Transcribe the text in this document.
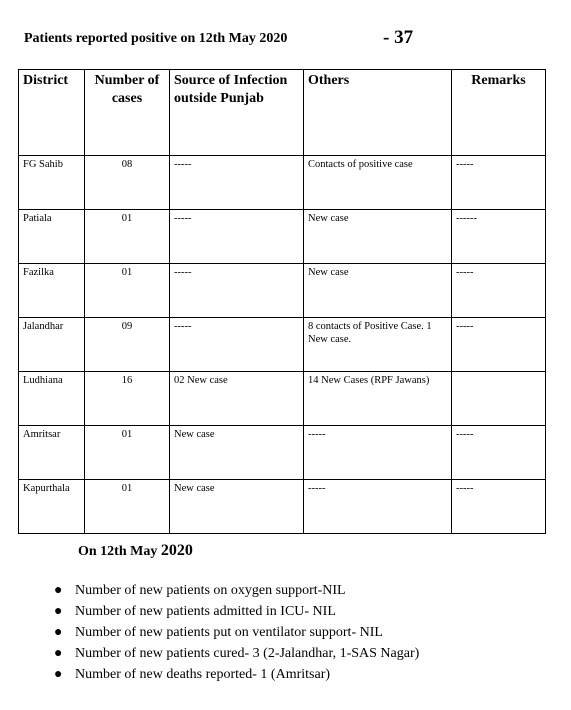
Patients reported positive on 12th May 2020	- 37
District	Number of cases	Source of Infection outside Punjab	Others	Remarks
FG Sahib	08	-----	Contacts of positive case	-----
Patiala	01	-----	New case	------
Fazilka	01	-----	New case	-----
Jalandhar	09	-----	8 contacts of Positive Case. 1 New case.	-----
Ludhiana	16	02 New case	14 New Cases (RPF Jawans)	
Amritsar	01	New case	-----	-----
Kapurthala	01	New case	-----	-----
On 12th May 2020
● Number of new patients on oxygen support-NIL
● Number of new patients admitted in ICU- NIL
● Number of new patients put on ventilator support- NIL
● Number of new patients cured- 3 (2-Jalandhar, 1-SAS Nagar)
● Number of new deaths reported- 1 (Amritsar)
